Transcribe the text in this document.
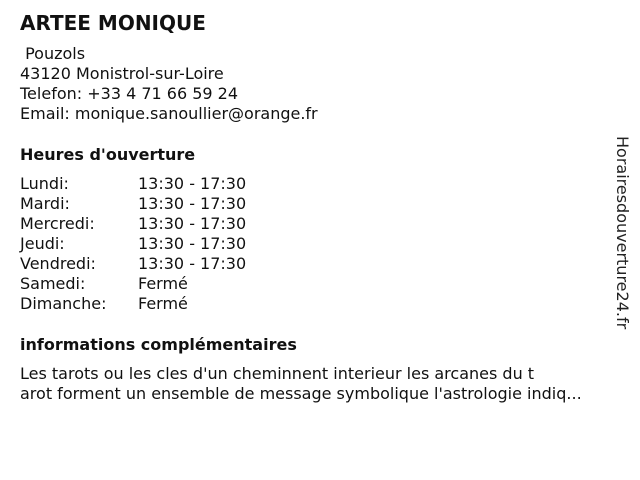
ARTEE MONIQUE
Pouzols
43120 Monistrol-sur-Loire
Telefon: +33 4 71 66 59 24
Email: monique.sanoullier@orange.fr
Heures d'ouverture
Lundi:	13:30 - 17:30
Mardi:	13:30 - 17:30
Mercredi:	13:30 - 17:30
Jeudi:	13:30 - 17:30
Vendredi:	13:30 - 17:30
Samedi:	Fermé
Dimanche:	Fermé
informations complémentaires
Les tarots ou les cles d'un cheminnent interieur les arcanes du t
arot forment un ensemble de message symbolique l'astrologie indiq...
Horairesdouverture24.fr
